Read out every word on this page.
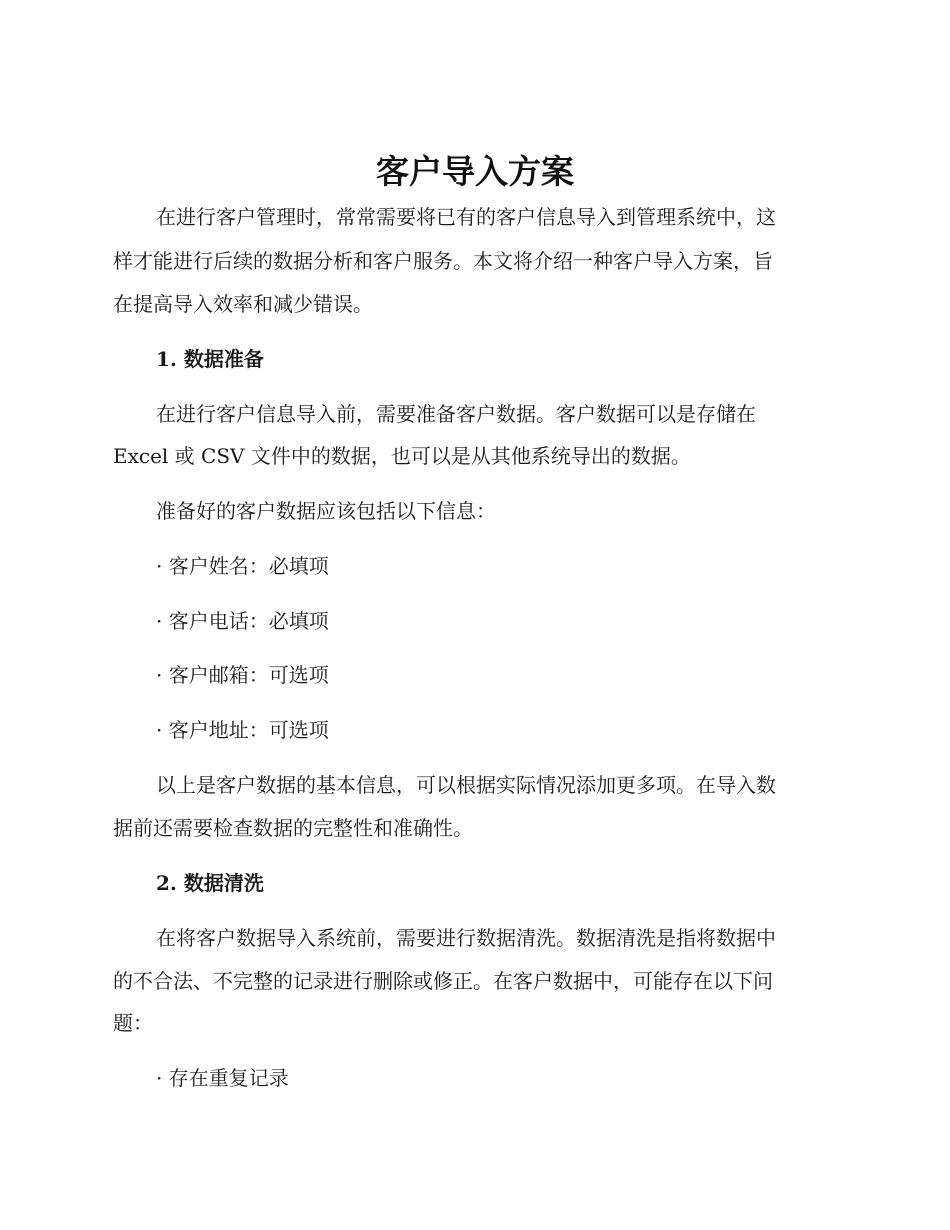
客户导入方案
在进行客户管理时，常常需要将已有的客户信息导入到管理系统中，这
样才能进行后续的数据分析和客户服务。本文将介绍一种客户导入方案，旨
在提高导入效率和减少错误。
1. 数据准备
在进行客户信息导入前，需要准备客户数据。客户数据可以是存储在
Excel 或 CSV 文件中的数据，也可以是从其他系统导出的数据。
准备好的客户数据应该包括以下信息：
· 客户姓名：必填项
· 客户电话：必填项
· 客户邮箱：可选项
· 客户地址：可选项
以上是客户数据的基本信息，可以根据实际情况添加更多项。在导入数
据前还需要检查数据的完整性和准确性。
2. 数据清洗
在将客户数据导入系统前，需要进行数据清洗。数据清洗是指将数据中
的不合法、不完整的记录进行删除或修正。在客户数据中，可能存在以下问
题：
· 存在重复记录
